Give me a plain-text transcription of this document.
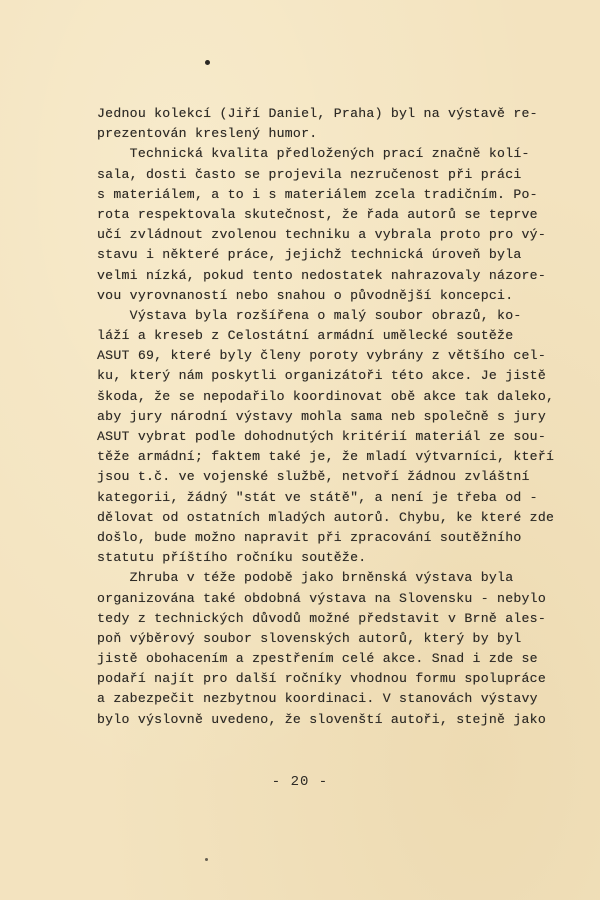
Jednou kolekcí (Jiří Daniel, Praha) byl na výstavě re-
prezentován kreslený humor.
Technická kvalita předložených prací značně kolí-
sala, dosti často se projevila nezručenost při práci
s materiálem, a to i s materiálem zcela tradičním. Po-
rota respektovala skutečnost, že řada autorů se teprve
učí zvládnout zvolenou techniku a vybrala proto pro vý-
stavu i některé práce, jejichž technická úroveň byla
velmi nízká, pokud tento nedostatek nahrazovaly názore-
vou vyrovnaností nebo snahou o původnější koncepci.
Výstava byla rozšířena o malý soubor obrazů, ko-
láží a kreseb z Celostátní armádní umělecké soutěže
ASUT 69, které byly členy poroty vybrány z většího cel-
ku, který nám poskytli organizátoři této akce. Je jistě
škoda, že se nepodařilo koordinovat obě akce tak daleko,
aby jury národní výstavy mohla sama neb společně s jury
ASUT vybrat podle dohodnutých kritérií materiál ze sou-
těže armádní; faktem také je, že mladí výtvarníci, kteří
jsou t.č. ve vojenské službě, netvoří žádnou zvláštní
kategorii, žádný "stát ve státě", a není je třeba od -
dělovat od ostatních mladých autorů. Chybu, ke které zde
došlo, bude možno napravit při zpracování soutěžního
statutu příštího ročníku soutěže.
Zhruba v téže podobě jako brněnská výstava byla
organizována také obdobná výstava na Slovensku - nebylo
tedy z technických důvodů možné představit v Brně ales-
poň výběrový soubor slovenských autorů, který by byl
jistě obohacením a zpestřením celé akce. Snad i zde se
podaří najít pro další ročníky vhodnou formu spolupráce
a zabezpečit nezbytnou koordinaci. V stanovách výstavy
bylo výslovně uvedeno, že slovenští autoři, stejně jako
- 20 -
